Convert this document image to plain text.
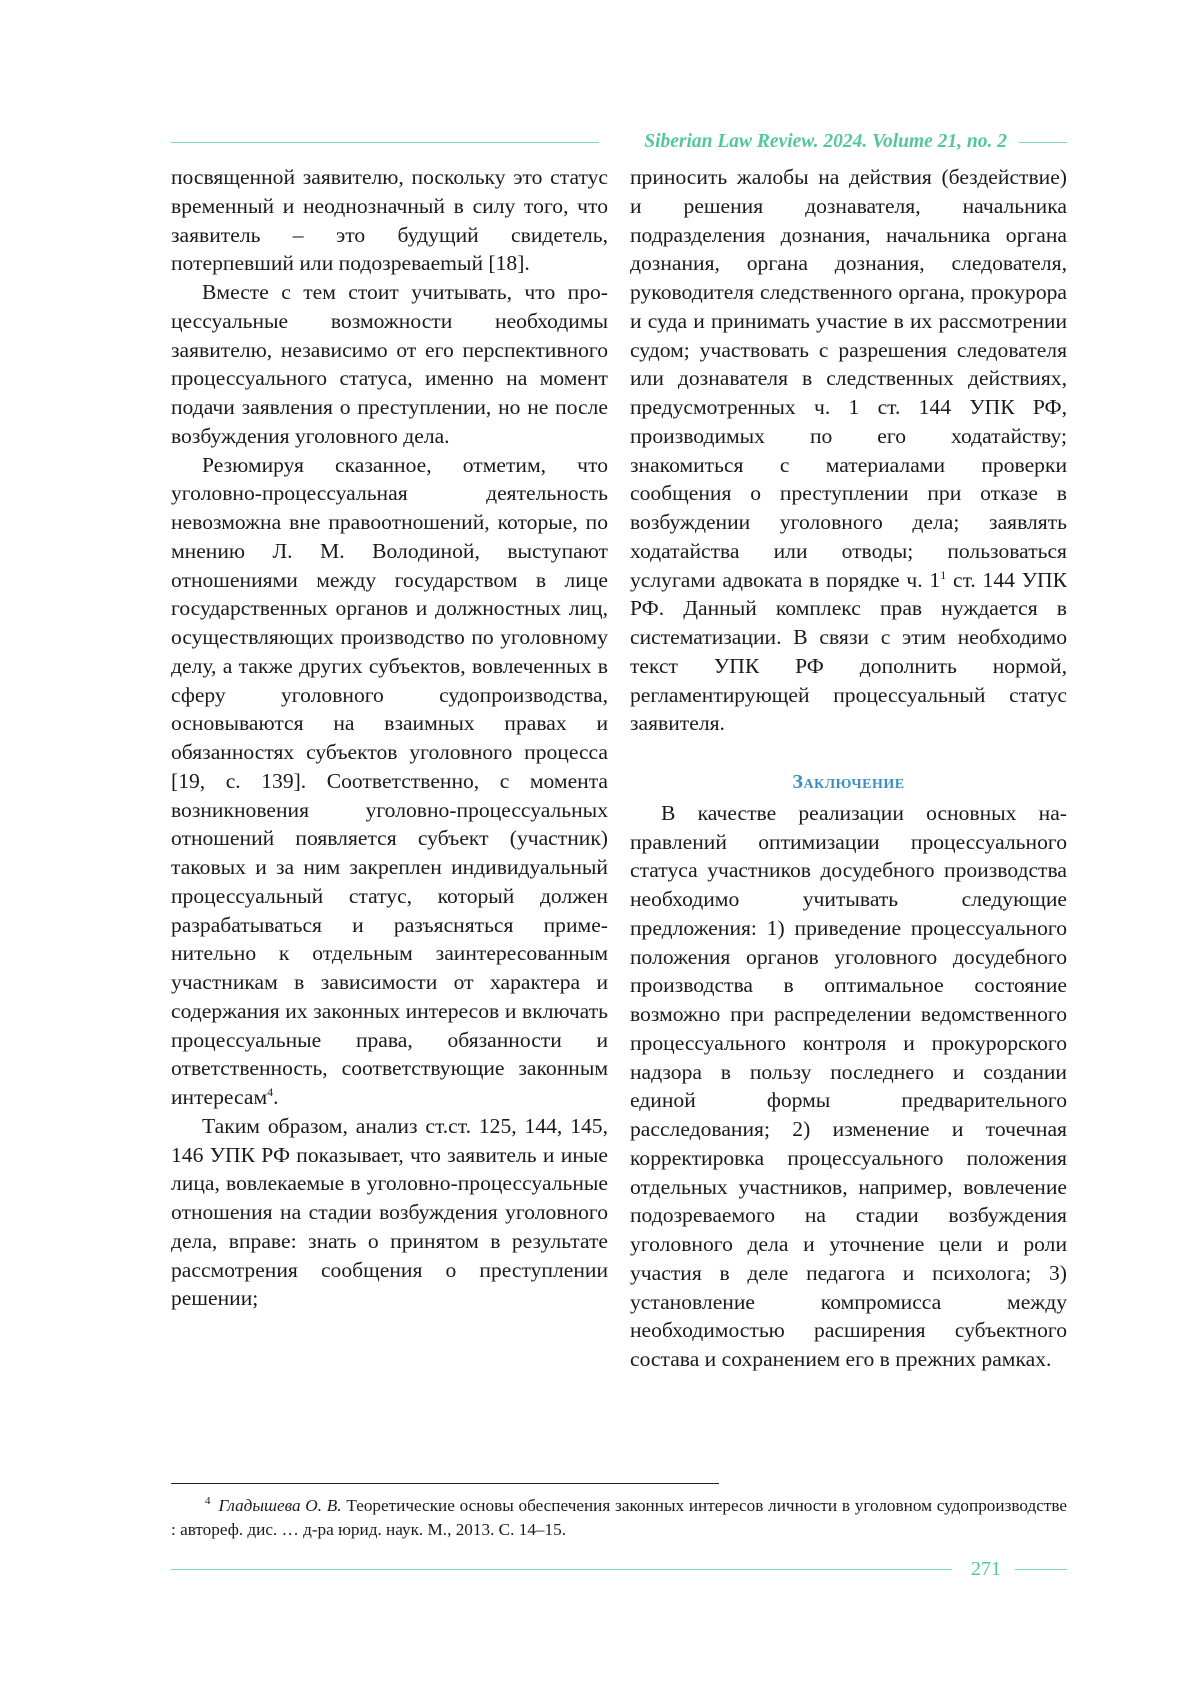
Siberian Law Review. 2024. Volume 21, no. 2

посвященной заявителю, поскольку это статус временный и неоднозначный в силу того, что заявитель – это будущий свидетель, потерпевший или подозреваеmый [18].

Вместе с тем стоит учитывать, что процессуальные возможности необходимы заявителю, независимо от его перспективного процессуального статуса, именно на момент подачи заявления о преступлении, но не после возбуждения уголовного дела.

Резюмируя сказанное, отметим, что уголовно-процессуальная деятельность невозможна вне правоотношений, которые, по мнению Л. М. Володиной, выступают отношениями между государством в лице государственных органов и должностных лиц, осуществляющих производство по уголовному делу, а также других субъектов, вовлеченных в сферу уголовного судопроизводства, основываются на взаимных правах и обязанностях субъектов уголовного процесса [19, с. 139]. Соответственно, с момента возникновения уголовно-процессуальных отношений появляется субъект (участник) таковых и за ним закреплен индивидуальный процессуальный статус, который должен разрабатываться и разъясняться применительно к отдельным заинтересованным участникам в зависимости от характера и содержания их законных интересов и включать процессуальные права, обязанности и ответственность, соответствующие законным интересам$^4$.

Таким образом, анализ ст.ст. 125, 144, 145, 146 УПК РФ показывает, что заявитель и иные лица, вовлекаемые в уголовно-процессуальные отношения на стадии возбуждения уголовного дела, вправе: знать о принятом в результате рассмотрения сообщения о преступлении решении;

приносить жалобы на действия (бездействие) и решения дознавателя, начальника подразделения дознания, начальника органа дознания, органа дознания, следователя, руководителя следственного органа, прокурора и суда и принимать участие в их рассмотрении судом; участвовать с разрешения следователя или дознавателя в следственных действиях, предусмотренных ч. 1 ст. 144 УПК РФ, производимых по его ходатайству; знакомиться с материалами проверки сообщения о преступлении при отказе в возбуждении уголовного дела; заявлять ходатайства или отводы; пользоваться услугами адвоката в порядке ч. $1^1$ ст. 144 УПК РФ. Данный комплекс прав нуждается в систематизации. В связи с этим необходимо текст УПК РФ дополнить нормой, регламентирующей процессуальный статус заявителя.

Заключение

В качестве реализации основных направлений оптимизации процессуального статуса участников досудебного производства необходимо учитывать следующие предложения: 1) приведение процессуального положения органов уголовного досудебного производства в оптимальное состояние возможно при распределении ведомственного процессуального контроля и прокурорского надзора в пользу последнего и создании единой формы предварительного расследования; 2) изменение и точечная корректировка процессуального положения отдельных участников, например, вовлечение подозреваемого на стадии возбуждения уголовного дела и уточнение цели и роли участия в деле педагога и психолога; 3) установление компромисса между необходимостью расширения субъектного состава и сохранением его в прежних рамках.

$^4$ Гладышева О. В. Теоретические основы обеспечения законных интересов личности в уголовном судопроизводстве : автореф. дис. … д-ра юрид. наук. М., 2013. С. 14–15.
271
